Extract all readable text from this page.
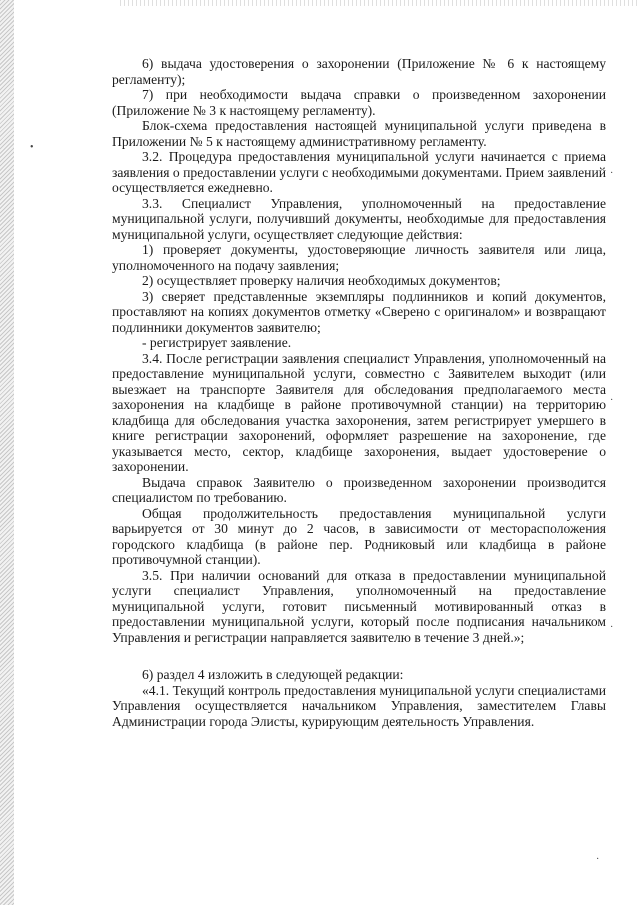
6) выдача удостоверения о захоронении (Приложение № 6 к настоящему регламенту);

7) при необходимости выдача справки о произведенном захоронении (Приложение № 3 к настоящему регламенту).

Блок-схема предоставления настоящей муниципальной услуги приведена в Приложении № 5 к настоящему административному регламенту.

3.2. Процедура предоставления муниципальной услуги начинается с приема заявления о предоставлении услуги с необходимыми документами. Прием заявлений осуществляется ежедневно.

3.3. Специалист Управления, уполномоченный на предоставление муниципальной услуги, получивший документы, необходимые для предоставления муниципальной услуги, осуществляет следующие действия:

1) проверяет документы, удостоверяющие личность заявителя или лица, уполномоченного на подачу заявления;

2) осуществляет проверку наличия необходимых документов;

3) сверяет представленные экземпляры подлинников и копий документов, проставляют на копиях документов отметку «Сверено с оригиналом» и возвращают подлинники документов заявителю;

- регистрирует заявление.

3.4. После регистрации заявления специалист Управления, уполномоченный на предоставление муниципальной услуги, совместно с Заявителем выходит (или выезжает на транспорте Заявителя для обследования предполагаемого места захоронения на кладбище в районе противочумной станции) на территорию кладбища для обследования участка захоронения, затем регистрирует умершего в книге регистрации захоронений, оформляет разрешение на захоронение, где указывается место, сектор, кладбище захоронения, выдает удостоверение о захоронении.

Выдача справок Заявителю о произведенном захоронении производится специалистом по требованию.

Общая продолжительность предоставления муниципальной услуги варьируется от 30 минут до 2 часов, в зависимости от месторасположения городского кладбища (в районе пер. Родниковый или кладбища в районе противочумной станции).

3.5. При наличии оснований для отказа в предоставлении муниципальной услуги специалист Управления, уполномоченный на предоставление муниципальной услуги, готовит письменный мотивированный отказ в предоставлении муниципальной услуги, который после подписания начальником Управления и регистрации направляется заявителю в течение 3 дней.»;

6) раздел 4 изложить в следующей редакции:

«4.1. Текущий контроль предоставления муниципальной услуги специалистами Управления осуществляется начальником Управления, заместителем Главы Администрации города Элисты, курирующим деятельность Управления.

•
·
·
·
·
